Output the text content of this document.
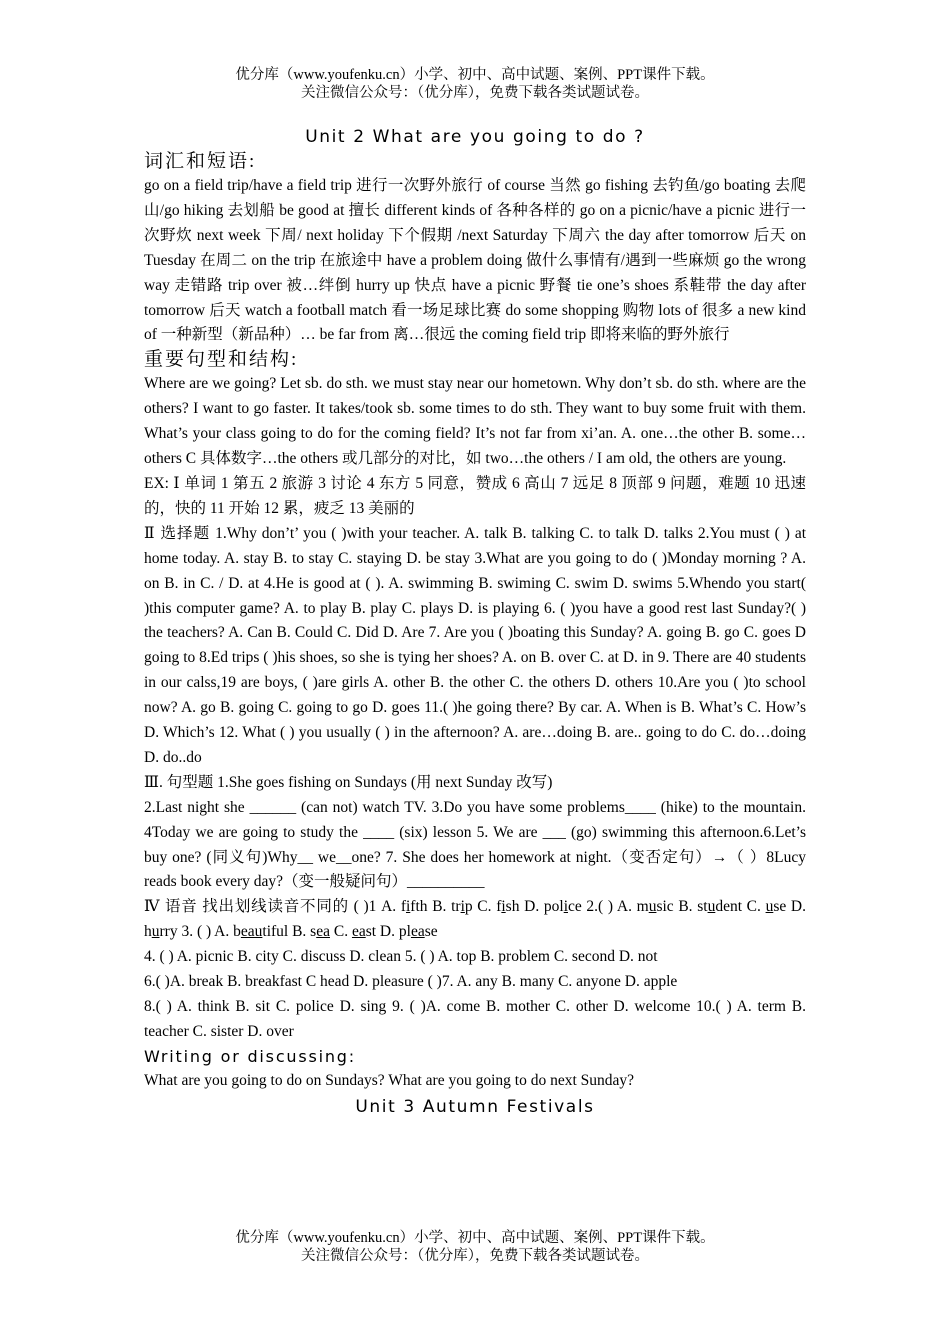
优分库（www.youfenku.cn）小学、初中、高中试题、案例、PPT课件下载。
关注微信公众号：（优分库），免费下载各类试题试卷。
Unit 2 What are you going to do ?
词汇和短语:

go on a field trip/have a field trip 进行一次野外旅行 of course 当然 go fishing 去钓鱼/go boating 去爬山/go hiking 去划船 be good at 擅长 different kinds of 各种各样的 go on a picnic/have a picnic 进行一次野炊 next week 下周/ next holiday 下个假期 /next Saturday 下周六 the day after tomorrow 后天 on Tuesday 在周二 on the trip 在旅途中 have a problem doing 做什么事情有/遇到一些麻烦 go the wrong way 走错路 trip over 被…绊倒 hurry up 快点 have a picnic 野餐 tie one’s shoes 系鞋带 the day after tomorrow 后天 watch a football match 看一场足球比赛 do some shopping 购物 lots of 很多 a new kind of 一种新型（新品种）… be far from 离…很远 the coming field trip 即将来临的野外旅行

重要句型和结构:

Where are we going? Let sb. do sth. we must stay near our hometown. Why don’t sb. do sth. where are the others? I want to go faster. It takes/took sb. some times to do sth. They want to buy some fruit with them. What’s your class going to do for the coming field? It’s not far from xi’an. A. one…the other B. some…others C 具体数字…the others 或几部分的对比，如 two…the others / I am old, the others are young.

EX: Ⅰ 单词 1 第五 2 旅游 3 讨论 4 东方 5 同意，赞成 6 高山 7 远足 8 顶部 9 问题，难题 10 迅速的，快的 11 开始 12 累，疲乏 13 美丽的

Ⅱ 选择题 1.Why don’t’ you ( )with your teacher. A. talk B. talking C. to talk D. talks 2.You must ( ) at home today. A. stay B. to stay C. staying D. be stay 3.What are you going to do ( )Monday morning ? A. on B. in C. / D. at 4.He is good at ( ). A. swimming B. swiming C. swim D. swims 5.Whendo you start( )this computer game? A. to play B. play C. plays D. is playing 6. ( )you have a good rest last Sunday?( ) the teachers? A. Can B. Could C. Did D. Are 7. Are you ( )boating this Sunday? A. going B. go C. goes D going to 8.Ed trips ( )his shoes, so she is tying her shoes? A. on B. over C. at D. in 9. There are 40 students in our calss,19 are boys, ( )are girls A. other B. the other C. the others D. others 10.Are you ( )to school now? A. go B. going C. going to go D. goes 11.( )he going there? By car. A. When is B. What’s C. How’s D. Which’s 12. What ( ) you usually ( ) in the afternoon? A. are…doing B. are.. going to do C. do…doing D. do..do

Ⅲ. 句型题 1.She goes fishing on Sundays (用 next Sunday 改写)

2.Last night she ______ (can not) watch TV. 3.Do you have some problems____ (hike) to the mountain. 4Today we are going to study the ____ (six) lesson 5. We are ___ (go) swimming this afternoon.6.Let’s buy one? (同义句)Why__ we__one? 7. She does her homework at night.（变否定句）→（ ）8Lucy reads book every day?（变一般疑问句）__________

Ⅳ 语音 找出划线读音不同的 ( )1 A. fifth B. trip C. fish D. police 2.( ) A. music B. student C. use D. hurry 3. ( ) A. beautiful B. sea C. east D. please

4. ( ) A. picnic B. city C. discuss D. clean 5. ( ) A. top B. problem C. second D. not

6.( )A. break B. breakfast C head D. pleasure ( )7. A. any B. many C. anyone D. apple

8.( ) A. think B. sit C. police D. sing 9. ( )A. come B. mother C. other D. welcome 10.( ) A. term B. teacher C. sister D. over

Writing or discussing:

What are you going to do on Sundays? What are you going to do next Sunday?

Unit 3 Autumn Festivals
优分库（www.youfenku.cn）小学、初中、高中试题、案例、PPT课件下载。
关注微信公众号：（优分库），免费下载各类试题试卷。
